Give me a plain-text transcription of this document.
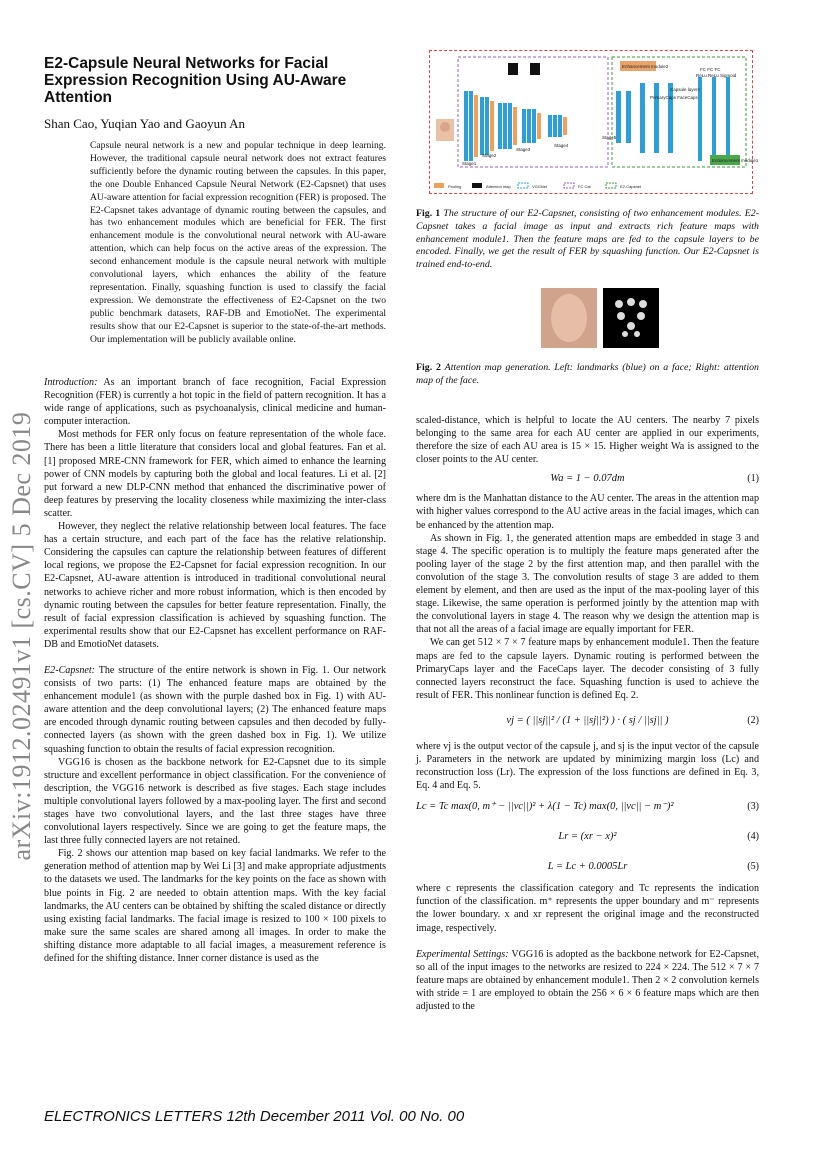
E2-Capsule Neural Networks for Facial Expression Recognition Using AU-Aware Attention
Shan Cao, Yuqian Yao and Gaoyun An
Capsule neural network is a new and popular technique in deep learning. However, the traditional capsule neural network does not extract features sufficiently before the dynamic routing between the capsules. In this paper, the one Double Enhanced Capsule Neural Network (E2-Capsnet) that uses AU-aware attention for facial expression recognition (FER) is proposed. The E2-Capsnet takes advantage of dynamic routing between the capsules, and has two enhancement modules which are beneficial for FER. The first enhancement module is the convolutional neural network with AU-aware attention, which can help focus on the active areas of the expression. The second enhancement module is the capsule neural network with multiple convolutional layers, which enhances the ability of the feature representation. Finally, squashing function is used to classify the facial expression. We demonstrate the effectiveness of E2-Capsnet on the two public benchmark datasets, RAF-DB and EmotioNet. The experimental results show that our E2-Capsnet is superior to the state-of-the-art methods. Our implementation will be publicly available online.
arXiv:1912.02491v1 [cs.CV] 5 Dec 2019

Introduction: As an important branch of face recognition, Facial Expression Recognition (FER) is currently a hot topic in the field of pattern recognition. It has a wide range of applications, such as psychoanalysis, clinical medicine and human-computer interaction.

Most methods for FER only focus on feature representation of the whole face. There has been a little literature that considers local and global features. Fan et al. [1] proposed MRE-CNN framework for FER, which aimed to enhance the learning power of CNN models by capturing both the global and local features. Li et al. [2] put forward a new DLP-CNN method that enhanced the discriminative power of deep features by preserving the locality closeness while maximizing the inter-class scatter.

However, they neglect the relative relationship between local features. The face has a certain structure, and each part of the face has the relative relationship. Considering the capsules can capture the relationship between features of different local regions, we propose the E2-Capsnet for facial expression recognition. In our E2-Capsnet, AU-aware attention is introduced in traditional convolutional neural networks to achieve richer and more robust information, which is then encoded by dynamic routing between the capsules for better feature representation. Finally, the result of facial expression classification is achieved by squashing function. The experimental results show that our E2-Capsnet has excellent performance on RAF-DB and EmotioNet datasets.

E2-Capsnet: The structure of the entire network is shown in Fig. 1. Our network consists of two parts: (1) The enhanced feature maps are obtained by the enhancement module1 (as shown with the purple dashed box in Fig. 1) with AU-aware attention and the deep convolutional layers; (2) The enhanced feature maps are encoded through dynamic routing between capsules and then decoded by fully-connected layers (as shown with the green dashed box in Fig. 1). We utilize squashing function to obtain the results of facial expression recognition.

VGG16 is chosen as the backbone network for E2-Capsnet due to its simple structure and excellent performance in object classification. For the convenience of description, the VGG16 network is described as five stages. Each stage includes multiple convolutional layers followed by a max-pooling layer. The first and second stages have two convolutional layers, and the last three stages have three convolutional layers respectively. Since we are going to get the feature maps, the last three fully connected layers are not retained.

Fig. 2 shows our attention map based on key facial landmarks. We refer to the generation method of attention map by Wei Li [3] and make appropriate adjustments to the datasets we used. The landmarks for the key points on the face as shown with blue points in Fig. 2 are needed to obtain attention maps. With the key facial landmarks, the AU centers can be obtained by shifting the scaled distance or directly using existing facial landmarks. The facial image is resized to 100 × 100 pixels to make sure the same scales are shared among all images. In order to make the shifting distance more adaptable to all facial images, a measurement reference is defined for the shifting distance. Inner corner distance is used as the

Stage1
Stage2
Stage3
Stage4
Stage5
Capsule layers
PrimaryCaps FaceCaps
FC FC FC
ReLu ReLu Sigmoid
Enhancement module2
Enhancement module1
Pooling	Attention map	VGGNet	FC Cat	E2-Capsnet
Fig. 1 The structure of our E2-Capsnet, consisting of two enhancement modules. E2-Capsnet takes a facial image as input and extracts rich feature maps with enhancement module1. Then the feature maps are fed to the capsule layers to be encoded. Finally, we get the result of FER by squashing function. Our E2-Capsnet is trained end-to-end.
Fig. 2 Attention map generation. Left: landmarks (blue) on a face; Right: attention map of the face.

scaled-distance, which is helpful to locate the AU centers. The nearby 7 pixels belonging to the same area for each AU center are applied in our experiments, therefore the size of each AU area is 15 × 15. Higher weight Wa is assigned to the closer points to the AU center.

Wa = 1 − 0.07dm	(1)

where dm is the Manhattan distance to the AU center. The areas in the attention map with higher values correspond to the AU active areas in the facial images, which can be enhanced by the attention map.

As shown in Fig. 1, the generated attention maps are embedded in stage 3 and stage 4. The specific operation is to multiply the feature maps generated after the pooling layer of the stage 2 by the first attention map, and then parallel with the convolution of the stage 3. The convolution results of stage 3 are added to them element by element, and then are used as the input of the max-pooling layer of this stage. Likewise, the same operation is performed jointly by the attention map with the convolutional layers in stage 4. The reason why we design the attention map is that not all the areas of a facial image are equally important for FER.

We can get 512 × 7 × 7 feature maps by enhancement module1. Then the feature maps are fed to the capsule layers. Dynamic routing is performed between the PrimaryCaps layer and the FaceCaps layer. The decoder consisting of 3 fully connected layers reconstruct the face. Squashing function is used to achieve the result of FER. This nonlinear function is defined Eq. 2.

vj = ( ||sj||² / (1 + ||sj||²) ) · ( sj / ||sj|| )	(2)

where vj is the output vector of the capsule j, and sj is the input vector of the capsule j. Parameters in the network are updated by minimizing margin loss (Lc) and reconstruction loss (Lr). The expression of the loss functions are defined in Eq. 3, Eq. 4 and Eq. 5.

Lc = Tc max(0, m⁺ − ||vc||)² + λ(1 − Tc) max(0, ||vc|| − m⁻)²	(3)
Lr = (xr − x)²	(4)
L = Lc + 0.0005Lr	(5)

where c represents the classification category and Tc represents the indication function of the classification. m⁺ represents the upper boundary and m⁻ represents the lower boundary. x and xr represent the original image and the reconstructed image, respectively.

Experimental Settings: VGG16 is adopted as the backbone network for E2-Capsnet, so all of the input images to the networks are resized to 224 × 224. The 512 × 7 × 7 feature maps are obtained by enhancement module1. Then 2 × 2 convolution kernels with stride = 1 are employed to obtain the 256 × 6 × 6 feature maps which are then adjusted to the

ELECTRONICS LETTERS 12th December 2011 Vol. 00 No. 00
